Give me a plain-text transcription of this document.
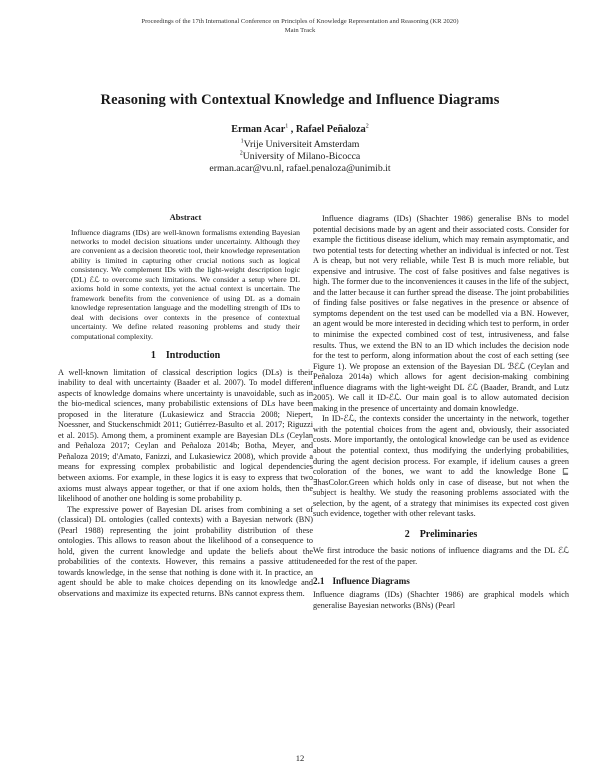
Proceedings of the 17th International Conference on Principles of Knowledge Representation and Reasoning (KR 2020)
Main Track
Reasoning with Contextual Knowledge and Influence Diagrams
Erman Acar$^1$ , Rafael Peñaloza$^2$
$^1$Vrije Universiteit Amsterdam
$^2$University of Milano-Bicocca
erman.acar@vu.nl, rafael.penaloza@unimib.it
Abstract
Influence diagrams (IDs) are well-known formalisms extending Bayesian networks to model decision situations under uncertainty. Although they are convenient as a decision theoretic tool, their knowledge representation ability is limited in capturing other crucial notions such as logical consistency. We complement IDs with the light-weight description logic (DL) ℰℒ to overcome such limitations. We consider a setup where DL axioms hold in some contexts, yet the actual context is uncertain. The framework benefits from the convenience of using DL as a domain knowledge representation language and the modelling strength of IDs to deal with decisions over contexts in the presence of contextual uncertainty. We define related reasoning problems and study their computational complexity.
1 Introduction

A well-known limitation of classical description logics (DLs) is their inability to deal with uncertainty (Baader et al. 2007). To model different aspects of knowledge domains where uncertainty is unavoidable, such as in the bio-medical sciences, many probabilistic extensions of DLs have been proposed in the literature (Lukasiewicz and Straccia 2008; Niepert, Noessner, and Stuckenschmidt 2011; Gutiérrez-Basulto et al. 2017; Riguzzi et al. 2015). Among them, a prominent example are Bayesian DLs (Ceylan and Peñaloza 2017; Ceylan and Peñaloza 2014b; Botha, Meyer, and Peñaloza 2019; d'Amato, Fanizzi, and Lukasiewicz 2008), which provide a means for expressing complex probabilistic and logical dependencies between axioms. For example, in these logics it is easy to express that two axioms must always appear together, or that if one axiom holds, then the likelihood of another one holding is some probability p.

The expressive power of Bayesian DL arises from combining a set of (classical) DL ontologies (called contexts) with a Bayesian network (BN) (Pearl 1988) representing the joint probability distribution of these ontologies. This allows to reason about the likelihood of a consequence to hold, given the current knowledge and update the beliefs about the probabilities of the contexts. However, this remains a passive attitude towards knowledge, in the sense that nothing is done with it. In practice, an agent should be able to make choices depending on its knowledge and observations and maximize its expected returns. BNs cannot express them.

Influence diagrams (IDs) (Shachter 1986) generalise BNs to model potential decisions made by an agent and their associated costs. Consider for example the fictitious disease idelium, which may remain asymptomatic, and two potential tests for detecting whether an individual is infected or not. Test A is cheap, but not very reliable, while Test B is much more reliable, but expensive and intrusive. The cost of false positives and false negatives is high. The former due to the inconveniences it causes in the life of the subject, and the latter because it can further spread the disease. The joint probabilities of finding false positives or false negatives in the presence or absence of symptoms dependent on the test used can be modelled via a BN. However, an agent would be more interested in deciding which test to perform, in order to minimise the expected combined cost of test, intrusiveness, and false results. Thus, we extend the BN to an ID which includes the decision node for the test to perform, along information about the cost of each setting (see Figure 1). We propose an extension of the Bayesian DL ℬℰℒ (Ceylan and Peñaloza 2014a) which allows for agent decision-making combining influence diagrams with the light-weight DL ℰℒ (Baader, Brandt, and Lutz 2005). We call it ID-ℰℒ. Our main goal is to allow automated decision making in the presence of uncertainty and domain knowledge.

In ID-ℰℒ, the contexts consider the uncertainty in the network, together with the potential choices from the agent and, obviously, their associated costs. More importantly, the ontological knowledge can be used as evidence about the potential context, thus modifying the underlying probabilities, during the agent decision process. For example, if idelium causes a green coloration of the bones, we want to add the knowledge Bone ⊑ ∃hasColor.Green which holds only in case of disease, but not when the subject is healthy. We study the reasoning problems associated with the selection, by the agent, of a strategy that minimises its expected cost given such evidence, together with other relevant tasks.

2 Preliminaries

We first introduce the basic notions of influence diagrams and the DL ℰℒ needed for the rest of the paper.

2.1 Influence Diagrams

Influence diagrams (IDs) (Shachter 1986) are graphical models which generalise Bayesian networks (BNs) (Pearl

12
